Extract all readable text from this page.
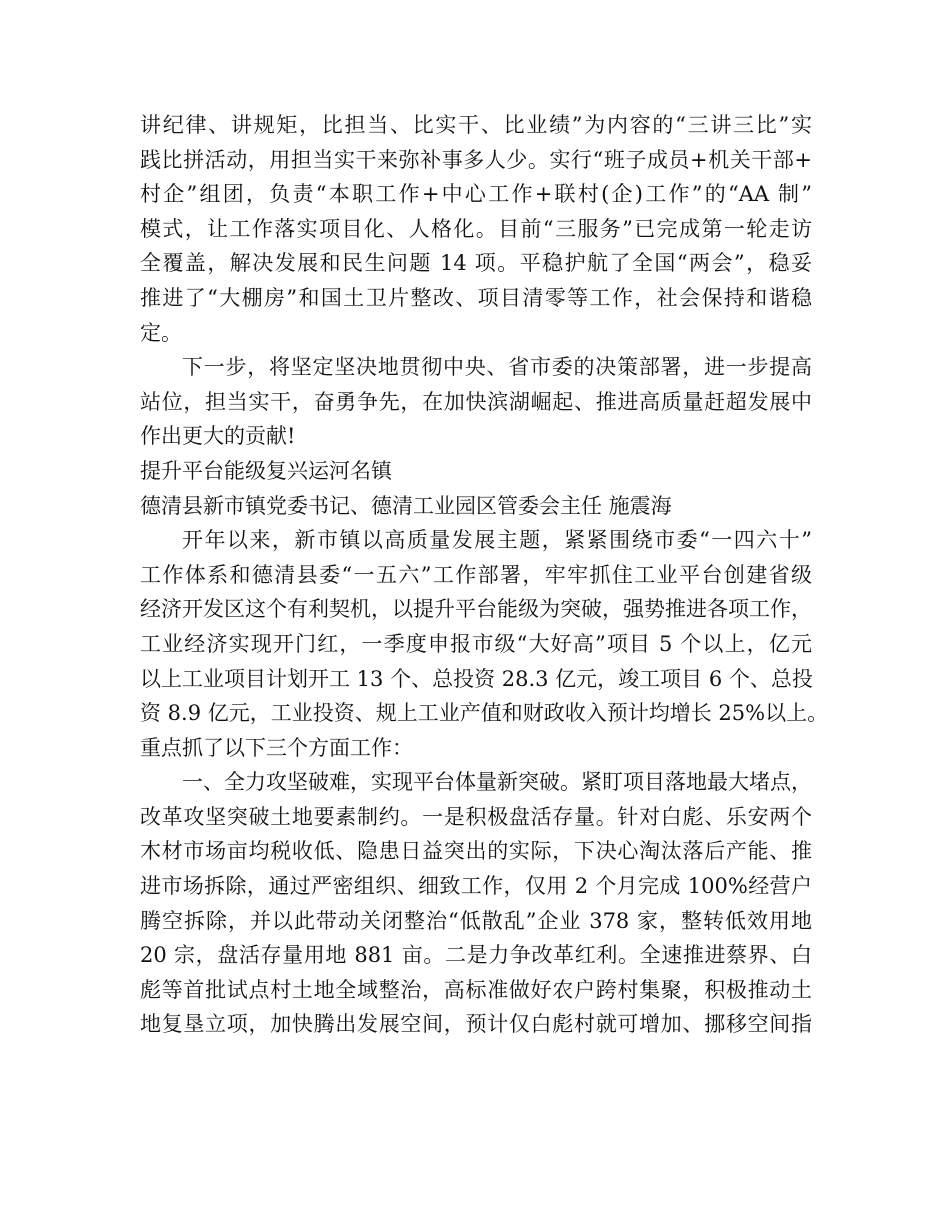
讲纪律、讲规矩，比担当、比实干、比业绩”为内容的“三讲三比”实
践比拼活动，用担当实干来弥补事多人少。实行“班子成员+机关干部+
村企”组团，负责“本职工作+中心工作+联村(企)工作”的“AA 制”
模式，让工作落实项目化、人格化。目前“三服务”已完成第一轮走访
全覆盖，解决发展和民生问题 14 项。平稳护航了全国“两会”，稳妥
推进了“大棚房”和国土卫片整改、项目清零等工作，社会保持和谐稳
定。
下一步，将坚定坚决地贯彻中央、省市委的决策部署，进一步提高
站位，担当实干，奋勇争先，在加快滨湖崛起、推进高质量赶超发展中
作出更大的贡献!
提升平台能级复兴运河名镇
德清县新市镇党委书记、德清工业园区管委会主任 施震海
开年以来，新市镇以高质量发展主题，紧紧围绕市委“一四六十”
工作体系和德清县委“一五六”工作部署，牢牢抓住工业平台创建省级
经济开发区这个有利契机，以提升平台能级为突破，强势推进各项工作，
工业经济实现开门红，一季度申报市级“大好高”项目 5 个以上，亿元
以上工业项目计划开工 13 个、总投资 28.3 亿元，竣工项目 6 个、总投
资 8.9 亿元，工业投资、规上工业产值和财政收入预计均增长 25%以上。
重点抓了以下三个方面工作：
一、全力攻坚破难，实现平台体量新突破。紧盯项目落地最大堵点，
改革攻坚突破土地要素制约。一是积极盘活存量。针对白彪、乐安两个
木材市场亩均税收低、隐患日益突出的实际，下决心淘汰落后产能、推
进市场拆除，通过严密组织、细致工作，仅用 2 个月完成 100%经营户
腾空拆除，并以此带动关闭整治“低散乱”企业 378 家，整转低效用地
20 宗，盘活存量用地 881 亩。二是力争改革红利。全速推进蔡界、白
彪等首批试点村土地全域整治，高标准做好农户跨村集聚，积极推动土
地复垦立项，加快腾出发展空间，预计仅白彪村就可增加、挪移空间指
